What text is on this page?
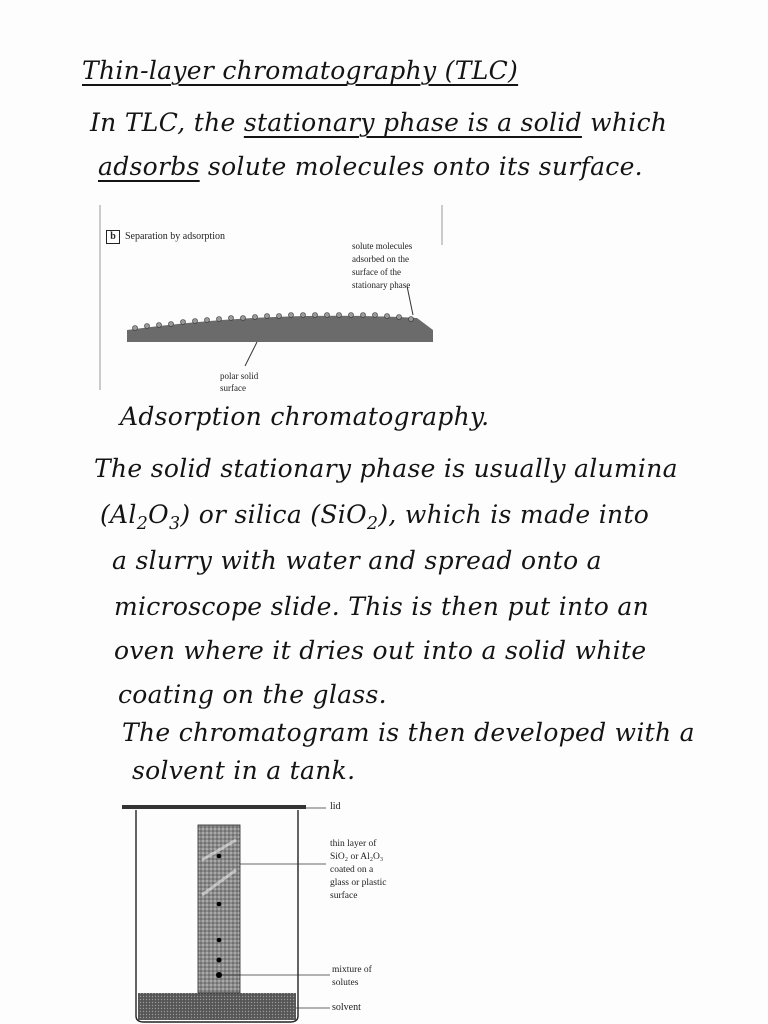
Thin-layer chromatography (TLC)
In TLC, the stationary phase is a solid which
adsorbs solute molecules onto its surface.
b Separation by adsorption
solute molecules
adsorbed on the
surface of the
stationary phase
polar solid
surface
Adsorption chromatography.
The solid stationary phase is usually alumina
$(Al_2O_3)$ or silica (SiO$_2$), which is made into
a slurry with water and spread onto a
microscope slide. This is then put into an
oven where it dries out into a solid white
coating on the glass.
The chromatogram is then developed with a
solvent in a tank.
lid
thin layer of
SiO₂ or Al₂O₃
coated on a
glass or plastic
surface
mixture of
solutes
solvent
